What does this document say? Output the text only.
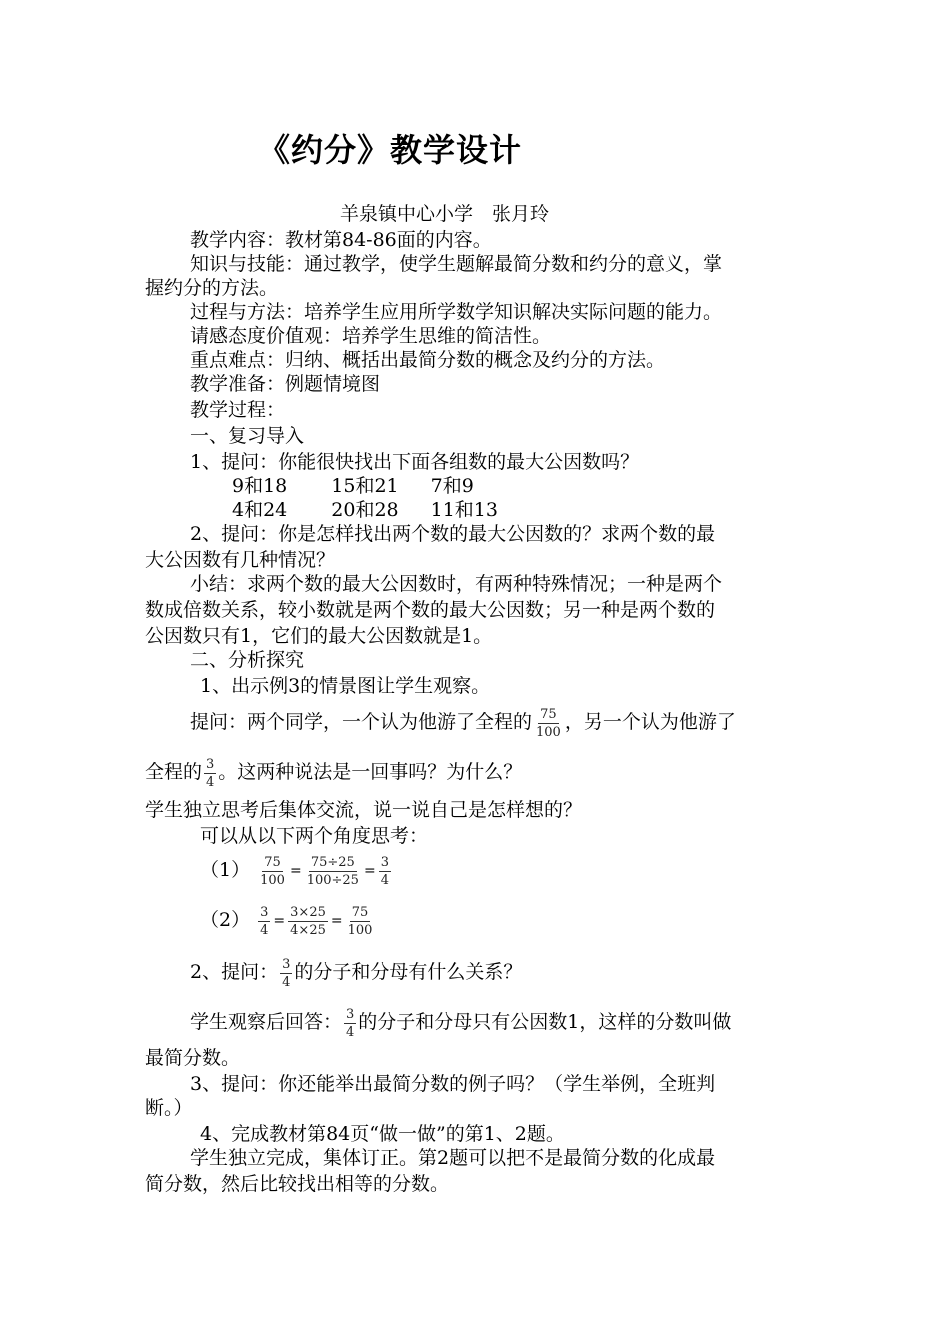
《约分》教学设计
羊泉镇中心小学　张月玲
教学内容：教材第84-86面的内容。
知识与技能：通过教学，使学生题解最简分数和约分的意义，掌
握约分的方法。
过程与方法：培养学生应用所学数学知识解决实际问题的能力。
请感态度价值观：培养学生思维的简洁性。
重点难点：归纳、概括出最简分数的概念及约分的方法。
教学准备：例题情境图
教学过程：
一、复习导入
1、提问：你能很快找出下面各组数的最大公因数吗？
9和18 15和21 7和9
4和24 20和28 11和13
2、提问：你是怎样找出两个数的最大公因数的？求两个数的最
大公因数有几种情况？
小结：求两个数的最大公因数时，有两种特殊情况；一种是两个
数成倍数关系，较小数就是两个数的最大公因数；另一种是两个数的
公因数只有1，它们的最大公因数就是1。
二、分析探究
1、出示例3的情景图让学生观察。
提问：两个同学，一个认为他游了全程的 $\frac{75}{100}$ ，另一个认为他游了
全程的 $\frac{3}{4}$ 。这两种说法是一回事吗？为什么？
学生独立思考后集体交流，说一说自己是怎样想的？
可以从以下两个角度思考：
$(1) \frac{75}{100} = \frac{75\div 25}{100\div 25} = \frac{3}{4}$
$(2) \frac{3}{4} = \frac{3\times 25}{4\times 25} = \frac{75}{100}$
2、提问： $\frac{3}{4}$ 的分子和分母有什么关系？
学生观察后回答： $\frac{3}{4}$ 的分子和分母只有公因数1，这样的分数叫做
最简分数。
3、提问：你还能举出最简分数的例子吗？（学生举例，全班判
断。）
4、完成教材第84页“做一做”的第1、2题。
学生独立完成，集体订正。第2题可以把不是最简分数的化成最
简分数，然后比较找出相等的分数。
